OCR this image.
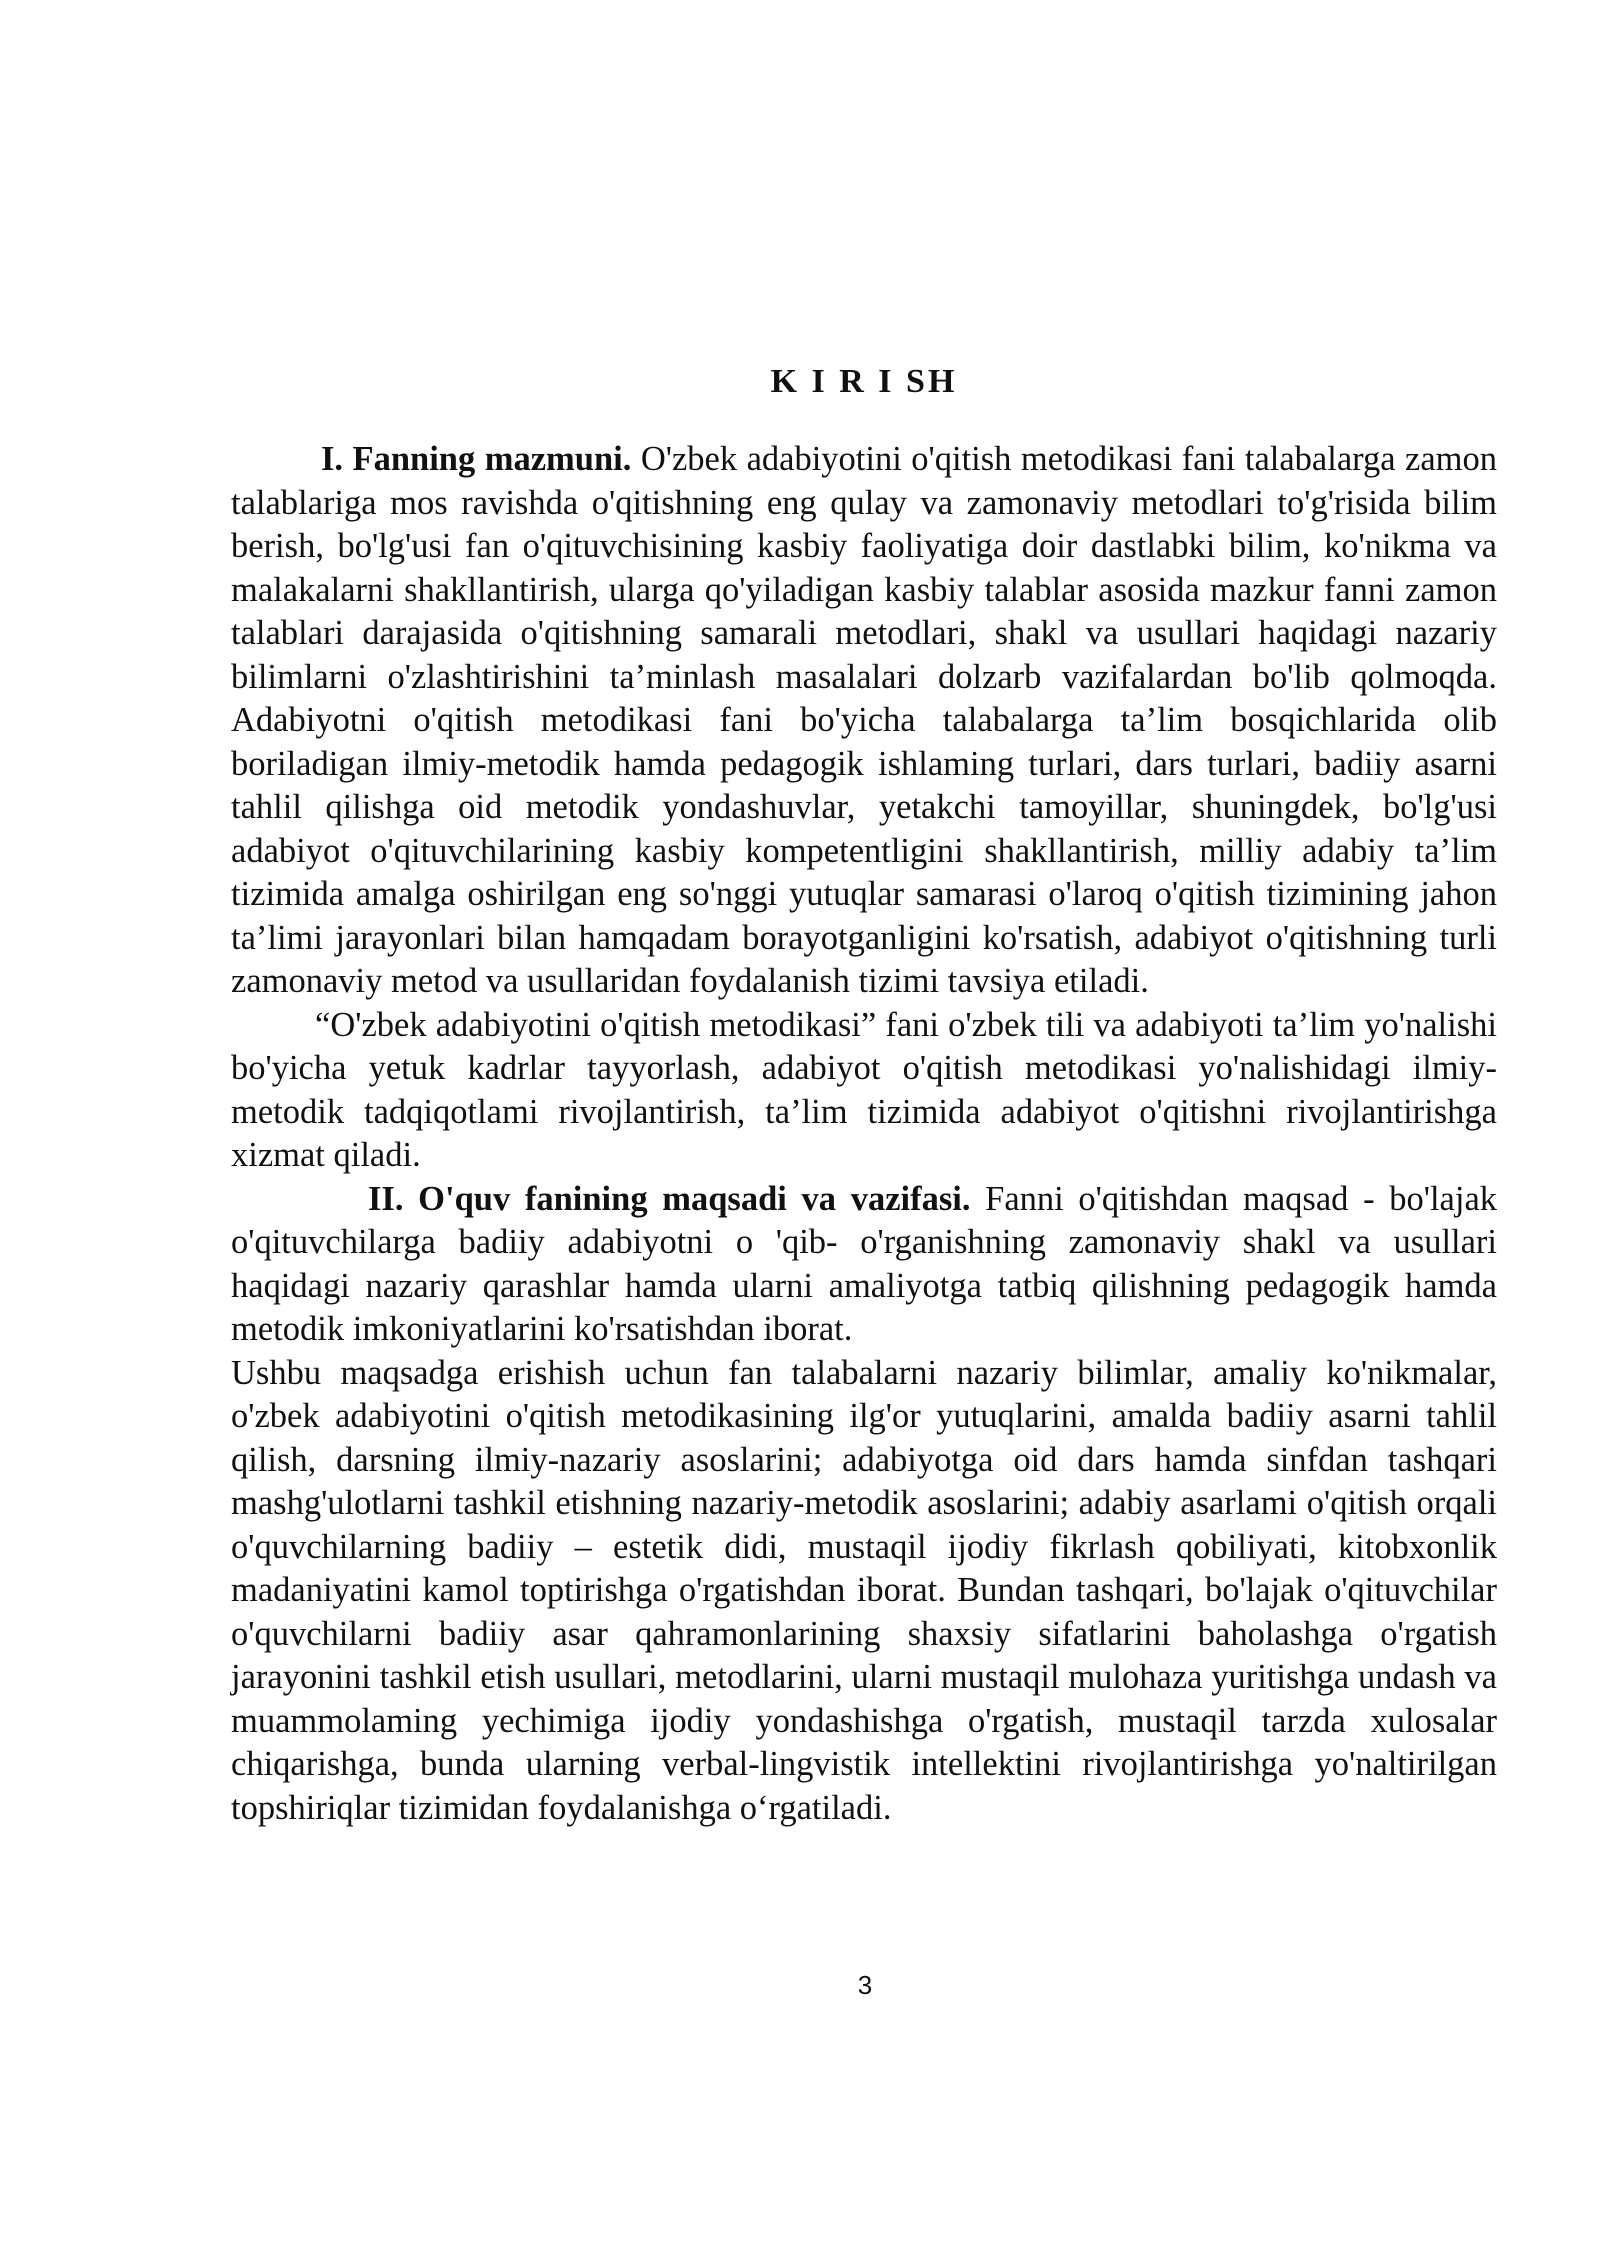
K I R I SH

I. Fanning mazmuni. O'zbek adabiyotini o'qitish metodikasi fani talabalarga zamon talablariga mos ravishda o'qitishning eng qulay va zamonaviy metodlari to'g'risida bilim berish, bo'lg'usi fan o'qituvchisining kasbiy faoliyatiga doir dastlabki bilim, ko'nikma va malakalarni shakllantirish, ularga qo'yiladigan kasbiy talablar asosida mazkur fanni zamon talablari darajasida o'qitishning samarali metodlari, shakl va usullari haqidagi nazariy bilimlarni o'zlashtirishini ta’minlash masalalari dolzarb vazifalardan bo'lib qolmoqda. Adabiyotni o'qitish metodikasi fani bo'yicha talabalarga ta’lim bosqichlarida olib boriladigan ilmiy-metodik hamda pedagogik ishlaming turlari, dars turlari, badiiy asarni tahlil qilishga oid metodik yondashuvlar, yetakchi tamoyillar, shuningdek, bo'lg'usi adabiyot o'qituvchilarining kasbiy kompetentligini shakllantirish, milliy adabiy ta’lim tizimida amalga oshirilgan eng so'nggi yutuqlar samarasi o'laroq o'qitish tizimining jahon ta’limi jarayonlari bilan hamqadam borayotganligini ko'rsatish, adabiyot o'qitishning turli zamonaviy metod va usullaridan foydalanish tizimi tavsiya etiladi.

“O'zbek adabiyotini o'qitish metodikasi” fani o'zbek tili va adabiyoti ta’lim yo'nalishi bo'yicha yetuk kadrlar tayyorlash, adabiyot o'qitish metodikasi yo'nalishidagi ilmiy-metodik tadqiqotlami rivojlantirish, ta’lim tizimida adabiyot o'qitishni rivojlantirishga xizmat qiladi.

II. O'quv fanining maqsadi va vazifasi. Fanni o'qitishdan maqsad - bo'lajak o'qituvchilarga badiiy adabiyotni o 'qib- o'rganishning zamonaviy shakl va usullari haqidagi nazariy qarashlar hamda ularni amaliyotga tatbiq qilishning pedagogik hamda metodik imkoniyatlarini ko'rsatishdan iborat.

Ushbu maqsadga erishish uchun fan talabalarni nazariy bilimlar, amaliy ko'nikmalar, o'zbek adabiyotini o'qitish metodikasining ilg'or yutuqlarini, amalda badiiy asarni tahlil qilish, darsning ilmiy-nazariy asoslarini; adabiyotga oid dars hamda sinfdan tashqari mashg'ulotlarni tashkil etishning nazariy-metodik asoslarini; adabiy asarlami o'qitish orqali o'quvchilarning badiiy – estetik didi, mustaqil ijodiy fikrlash qobiliyati, kitobxonlik madaniyatini kamol toptirishga o'rgatishdan iborat. Bundan tashqari, bo'lajak o'qituvchilar o'quvchilarni badiiy asar qahramonlarining shaxsiy sifatlarini baholashga o'rgatish jarayonini tashkil etish usullari, metodlarini, ularni mustaqil mulohaza yuritishga undash va muammolaming yechimiga ijodiy yondashishga o'rgatish, mustaqil tarzda xulosalar chiqarishga, bunda ularning verbal-lingvistik intellektini rivojlantirishga yo'naltirilgan topshiriqlar tizimidan foydalanishga o‘rgatiladi.

3
